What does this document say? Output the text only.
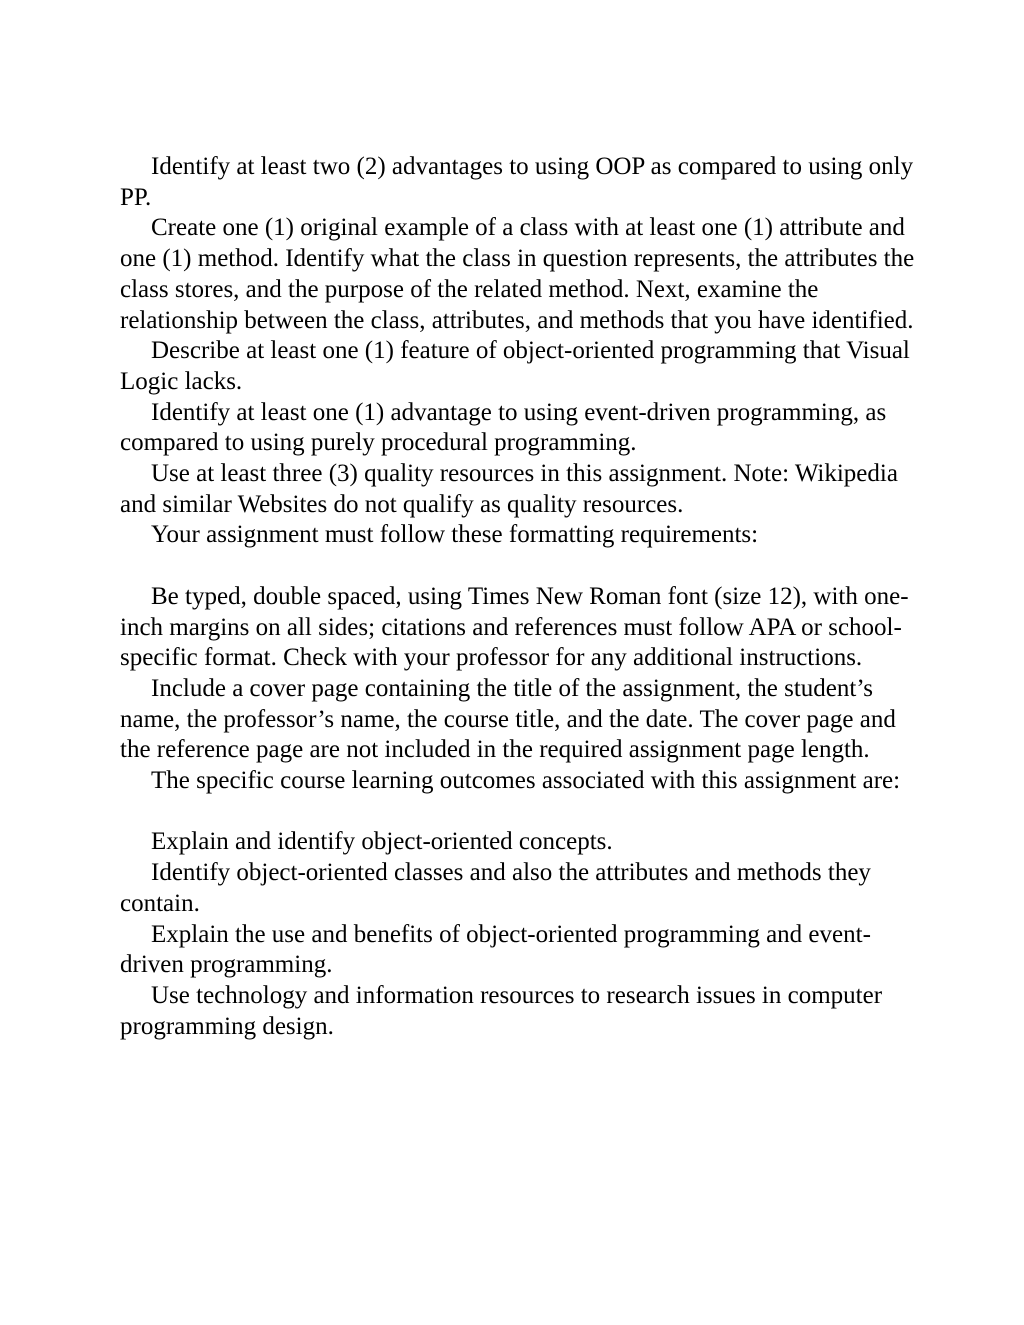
Identify at least two (2) advantages to using OOP as compared to using only PP.

Create one (1) original example of a class with at least one (1) attribute and one (1) method. Identify what the class in question represents, the attributes the class stores, and the purpose of the related method. Next, examine the relationship between the class, attributes, and methods that you have identified.

Describe at least one (1) feature of object-oriented programming that Visual Logic lacks.

Identify at least one (1) advantage to using event-driven programming, as compared to using purely procedural programming.

Use at least three (3) quality resources in this assignment. Note: Wikipedia and similar Websites do not qualify as quality resources.

Your assignment must follow these formatting requirements:

Be typed, double spaced, using Times New Roman font (size 12), with one-inch margins on all sides; citations and references must follow APA or school-specific format. Check with your professor for any additional instructions.

Include a cover page containing the title of the assignment, the student’s name, the professor’s name, the course title, and the date. The cover page and the reference page are not included in the required assignment page length.

The specific course learning outcomes associated with this assignment are:

Explain and identify object-oriented concepts.

Identify object-oriented classes and also the attributes and methods they contain.

Explain the use and benefits of object-oriented programming and event-driven programming.

Use technology and information resources to research issues in computer programming design.
